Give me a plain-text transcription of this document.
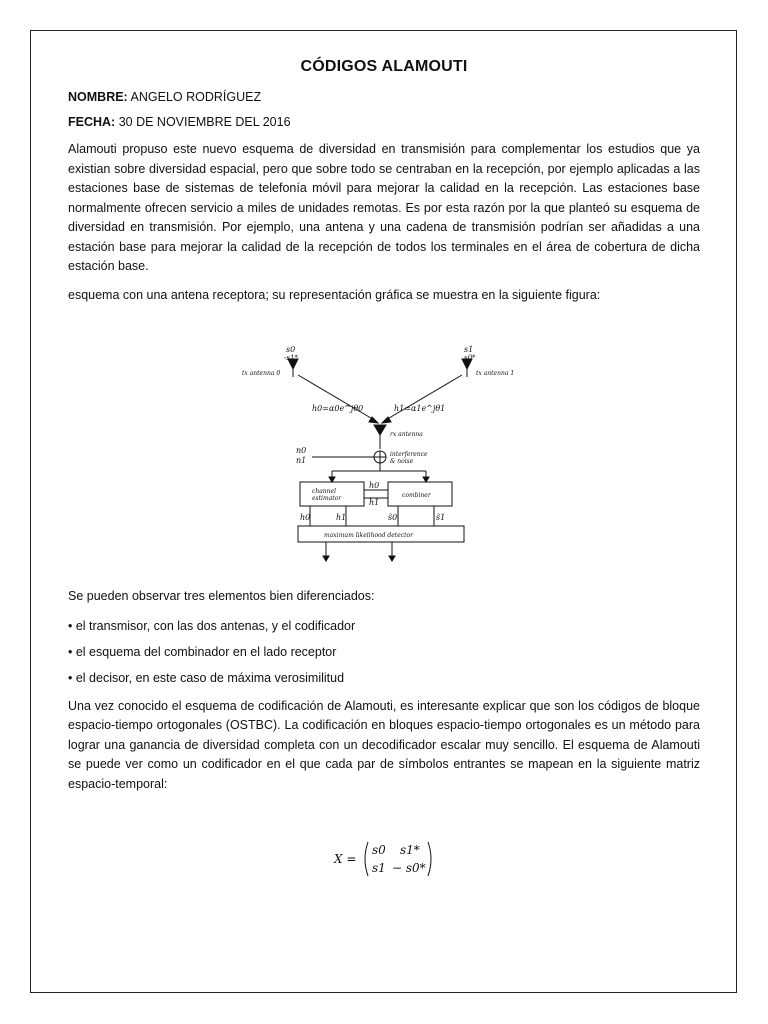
CÓDIGOS ALAMOUTI
NOMBRE: ANGELO RODRÍGUEZ
FECHA: 30 DE NOVIEMBRE DEL 2016

Alamouti propuso este nuevo esquema de diversidad en transmisión para complementar los estudios que ya existian sobre diversidad espacial, pero que sobre todo se centraban en la recepción, por ejemplo aplicadas a las estaciones base de sistemas de telefonía móvil para mejorar la calidad en la recepción. Las estaciones base normalmente ofrecen servicio a miles de unidades remotas. Es por esta razón por la que planteó su esquema de diversidad en transmisión. Por ejemplo, una antena y una cadena de transmisión podrían ser añadidas a una estación base para mejorar la calidad de la recepción de todos los terminales en el área de cobertura de dicha estación base.

esquema con una antena receptora; su representación gráfica se muestra en la siguiente figura:

s0
-s1*
tx antenna 0
s1
s0*
tx antenna 1
h0=α0e^jθ0	h1=α1e^jθ1
rx antenna
n0
n1
interference
& noise
h0
h1
channel
estimator	combiner
h0	h1	s̃0	s̃1
maximum likelihood detector

Se pueden observar tres elementos bien diferenciados:

• el transmisor, con las dos antenas, y el codificador
• el esquema del combinador en el lado receptor
• el decisor, en este caso de máxima verosimilitud

Una vez conocido el esquema de codificación de Alamouti, es interesante explicar que son los códigos de bloque espacio-tiempo ortogonales (OSTBC). La codificación en bloques espacio-tiempo ortogonales es un método para lograr una ganancia de diversidad completa con un decodificador escalar muy sencillo. El esquema de Alamouti se puede ver como un codificador en el que cada par de símbolos entrantes se mapean en la siguiente matriz espacio-temporal:

X =
s0 s1*
s1 − s0*
